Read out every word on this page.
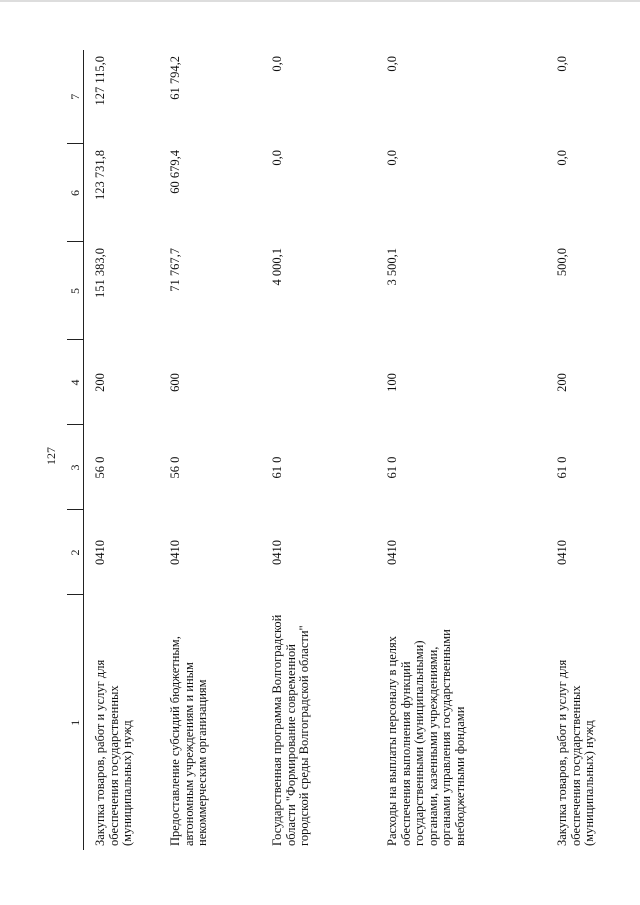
127
1	2	3	4	5	6	7
Закупка товаров, работ и услуг для обеспечения государственных (муниципальных) нужд	0410	56 0	200	151 383,0	123 731,8	127 115,0
Предоставление субсидий бюджетным, автономным учреждениям и иным некоммерческим организациям	0410	56 0	600	71 767,7	60 679,4	61 794,2
Государственная программа Волгоградской области "Формирование современной городской среды Волгоградской области"	0410	61 0		4 000,1	0,0	0,0
Расходы на выплаты персоналу в целях обеспечения выполнения функций государственными (муниципальными) органами, казенными учреждениями, органами управления государственными внебюджетными фондами	0410	61 0	100	3 500,1	0,0	0,0
Закупка товаров, работ и услуг для обеспечения государственных (муниципальных) нужд	0410	61 0	200	500,0	0,0	0,0
